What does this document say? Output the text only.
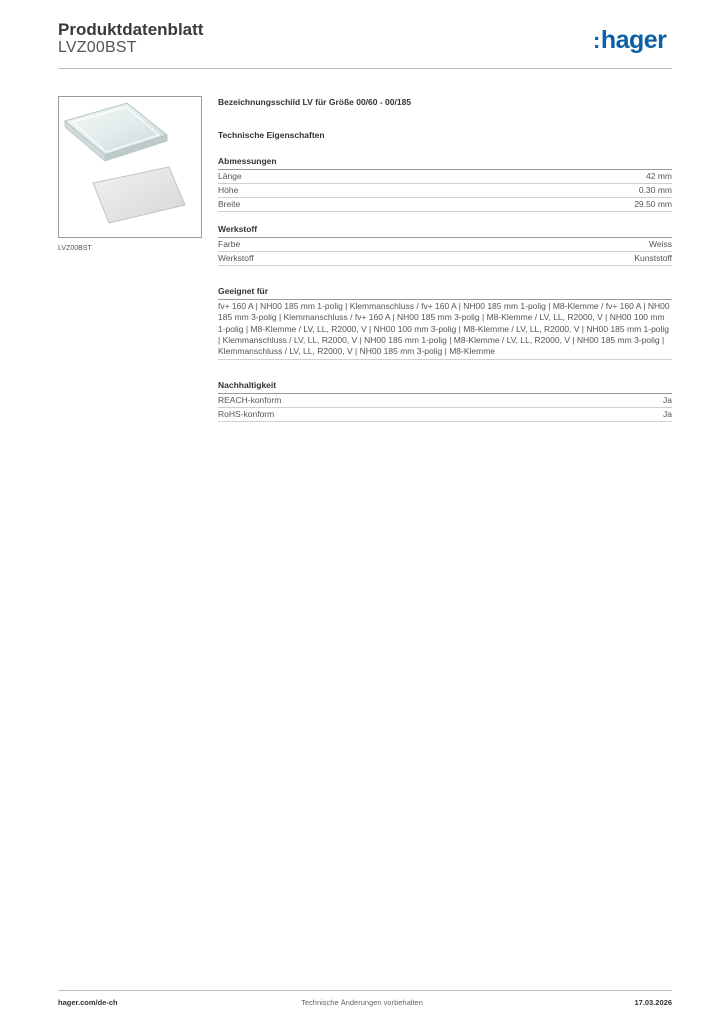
Produktdatenblatt
LVZ00BST	:hager
LVZ00BST
Bezeichnungsschild LV für Größe 00/60 - 00/185
Technische Eigenschaften
Abmessungen
Länge	42 mm
Höhe	0.30 mm
Breite	29.50 mm
Werkstoff
Farbe	Weiss
Werkstoff	Kunststoff
Geeignet für
fv+ 160 A | NH00 185 mm 1-polig | Klemmanschluss / fv+ 160 A | NH00 185 mm 1-polig | M8-Klemme / fv+ 160 A | NH00 185 mm 3-polig | Klemmanschluss / fv+ 160 A | NH00 185 mm 3-polig | M8-Klemme / LV, LL, R2000, V | NH00 100 mm 1-polig | M8-Klemme / LV, LL, R2000, V | NH00 100 mm 3-polig | M8-Klemme / LV, LL, R2000, V | NH00 185 mm 1-polig | Klemmanschluss / LV, LL, R2000, V | NH00 185 mm 1-polig | M8-Klemme / LV, LL, R2000, V | NH00 185 mm 3-polig | Klemmanschluss / LV, LL, R2000, V | NH00 185 mm 3-polig | M8-Klemme
Nachhaltigkeit
REACH-konform	Ja
RoHS-konform	Ja
hager.com/de-ch	Technische Änderungen vorbehalten	17.03.2026
